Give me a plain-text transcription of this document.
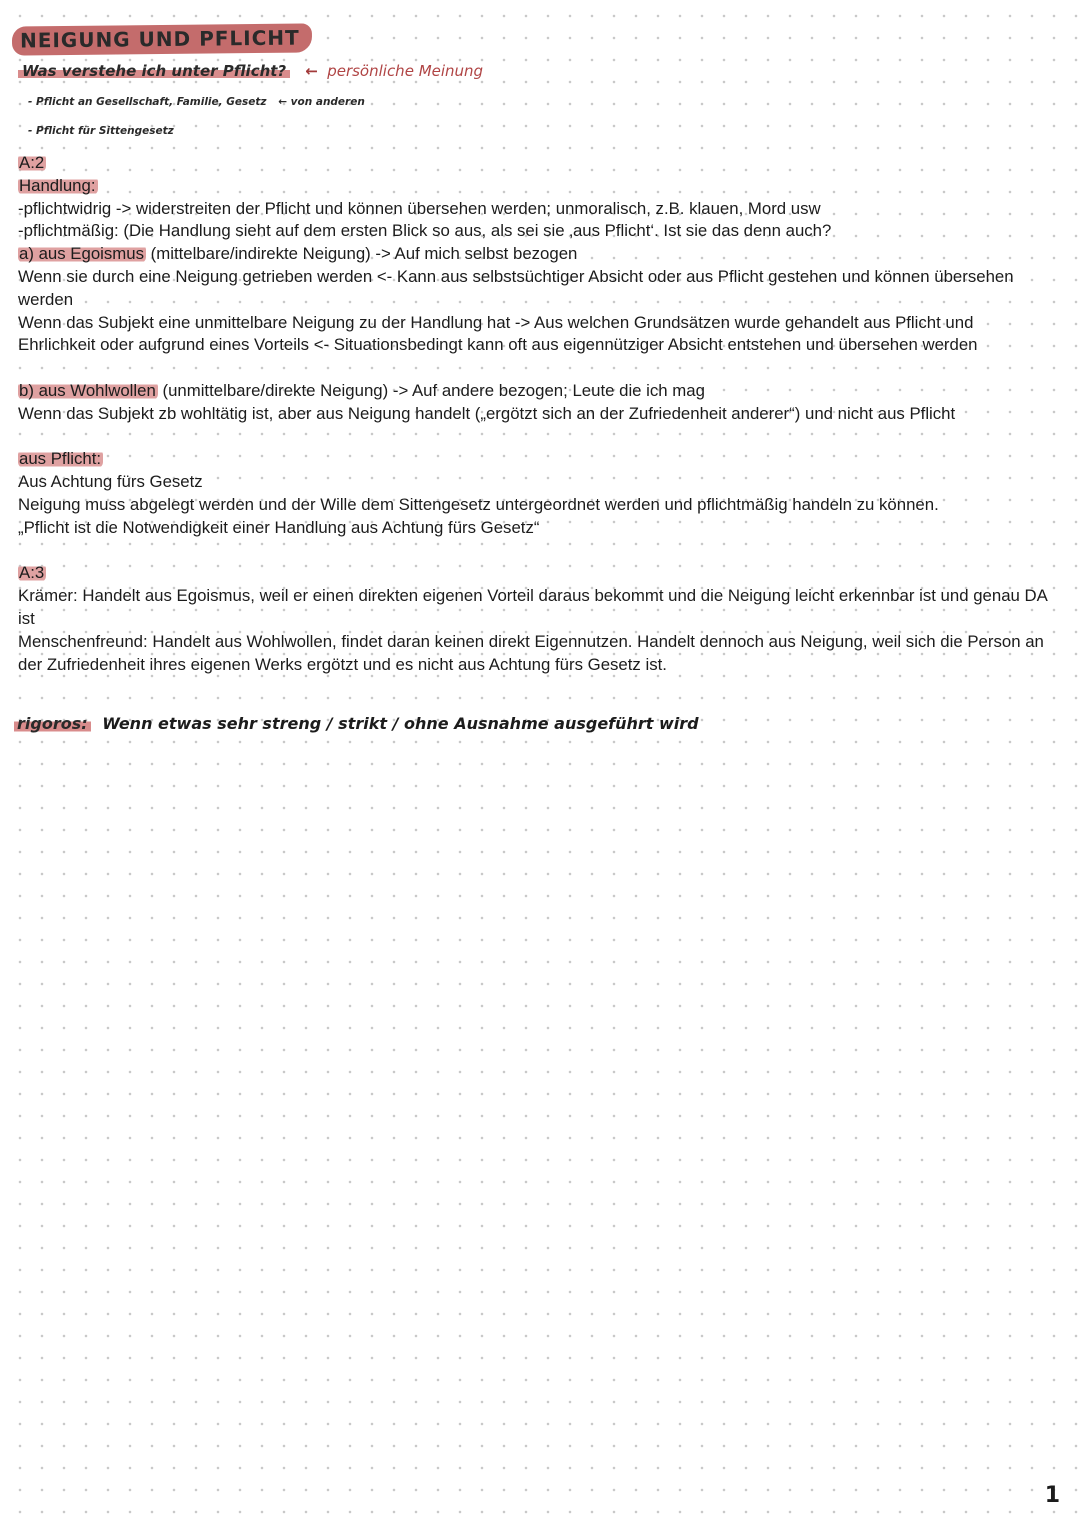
NEIGUNG UND PFLICHT
Was verstehe ich unter Pflicht? ← persönliche Meinung
- Pflicht an Gesellschaft, Familie, Gesetz ← von anderen
- Pflicht für Sittengesetz

A:2

Handlung:

-pflichtwidrig -> widerstreiten der Pflicht und können übersehen werden; unmoralisch, z.B. klauen, Mord usw

-pflichtmäßig: (Die Handlung sieht auf dem ersten Blick so aus, als sei sie ‚aus Pflicht‘. Ist sie das denn auch?

a) aus Egoismus (mittelbare/indirekte Neigung) -> Auf mich selbst bezogen

Wenn sie durch eine Neigung getrieben werden <- Kann aus selbstsüchtiger Absicht oder aus Pflicht gestehen und können übersehen werden

Wenn das Subjekt eine unmittelbare Neigung zu der Handlung hat -> Aus welchen Grundsätzen wurde gehandelt aus Pflicht und Ehrlichkeit oder aufgrund eines Vorteils <- Situationsbedingt kann oft aus eigennütziger Absicht entstehen und übersehen werden

b) aus Wohlwollen (unmittelbare/direkte Neigung) -> Auf andere bezogen; Leute die ich mag

Wenn das Subjekt zb wohltätig ist, aber aus Neigung handelt („ergötzt sich an der Zufriedenheit anderer“) und nicht aus Pflicht

aus Pflicht:

Aus Achtung fürs Gesetz

Neigung muss abgelegt werden und der Wille dem Sittengesetz untergeordnet werden und pflichtmäßig handeln zu können.

„Pflicht ist die Notwendigkeit einer Handlung aus Achtung fürs Gesetz“

A:3

Krämer: Handelt aus Egoismus, weil er einen direkten eigenen Vorteil daraus bekommt und die Neigung leicht erkennbar ist und genau DA ist

Menschenfreund: Handelt aus Wohlwollen, findet daran keinen direkt Eigennutzen. Handelt dennoch aus Neigung, weil sich die Person an der Zufriedenheit ihres eigenen Werks ergötzt und es nicht aus Achtung fürs Gesetz ist.

rigoros: Wenn etwas sehr streng / strikt / ohne Ausnahme ausgeführt wird
1
